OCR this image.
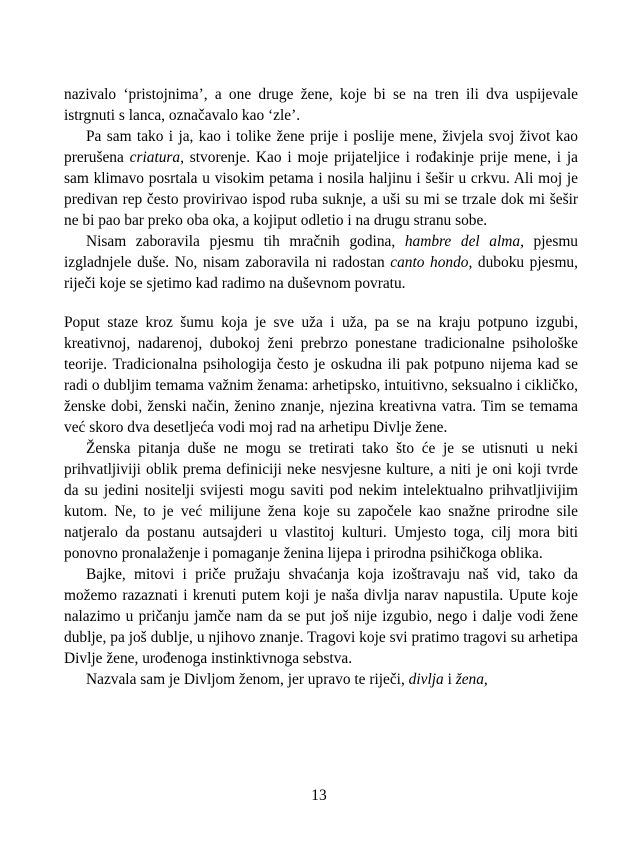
nazivalo ‘pristojnima’, a one druge žene, koje bi se na tren ili dva uspijevale istrgnuti s lanca, označavalo kao ‘zle’.

Pa sam tako i ja, kao i tolike žene prije i poslije mene, živjela svoj život kao prerušena criatura, stvorenje. Kao i moje prijateljice i rođakinje prije mene, i ja sam klimavo posrtala u visokim petama i nosila haljinu i šešir u crkvu. Ali moj je predivan rep često provirivao ispod ruba suknje, a uši su mi se trzale dok mi šešir ne bi pao bar preko oba oka, a kojiput odletio i na drugu stranu sobe.

Nisam zaboravila pjesmu tih mračnih godina, hambre del alma, pjesmu izgladnjele duše. No, nisam zaboravila ni radostan canto hondo, duboku pjesmu, riječi koje se sjetimo kad radimo na duševnom povratu.

Poput staze kroz šumu koja je sve uža i uža, pa se na kraju potpuno izgubi, kreativnoj, nadarenoj, dubokoj ženi prebrzo ponestane tradicionalne psihološke teorije. Tradicionalna psihologija često je oskudna ili pak potpuno nijema kad se radi o dubljim temama važnim ženama: arhetipsko, intuitivno, seksualno i cikličko, ženske dobi, ženski način, ženino znanje, njezina kreativna vatra. Tim se temama već skoro dva desetljeća vodi moj rad na arhetipu Divlje žene.

Ženska pitanja duše ne mogu se tretirati tako što će je se utisnuti u neki prihvatljiviji oblik prema definiciji neke nesvjesne kulture, a niti je oni koji tvrde da su jedini nositelji svijesti mogu saviti pod nekim intelektualno prihvatljivijim kutom. Ne, to je već milijune žena koje su započele kao snažne prirodne sile natjeralo da postanu autsajderi u vlastitoj kulturi. Umjesto toga, cilj mora biti ponovno pronalaženje i pomaganje ženina lijepa i prirodna psihičkoga oblika.

Bajke, mitovi i priče pružaju shvaćanja koja izoštravaju naš vid, tako da možemo razaznati i krenuti putem koji je naša divlja narav napustila. Upute koje nalazimo u pričanju jamče nam da se put još nije izgubio, nego i dalje vodi žene dublje, pa još dublje, u njihovo znanje. Tragovi koje svi pratimo tragovi su arhetipa Divlje žene, urođenoga instinktivnoga sebstva.

Nazvala sam je Divljom ženom, jer upravo te riječi, divlja i žena,

13
